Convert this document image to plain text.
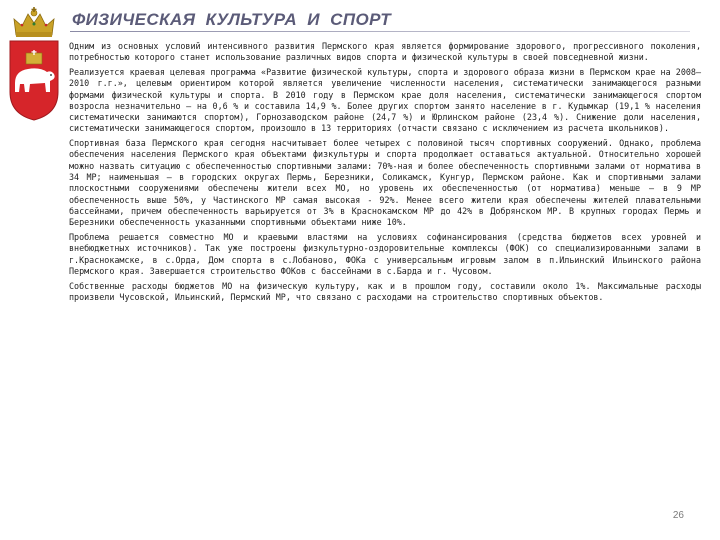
ФИЗИЧЕСКАЯ  КУЛЬТУРА  И  СПОРТ

Одним из основных условий интенсивного развития Пермского края является формирование здорового, прогрессивного поколения, потребностью которого станет использование различных видов спорта и физической культуры в своей повседневной жизни.

Реализуется краевая целевая программа «Развитие физической культуры, спорта и здорового образа жизни в Пермском крае на 2008–2010 г.г.», целевым ориентиром которой является увеличение численности населения, систематически занимающегося разными формами физической культуры и спорта. В 2010 году в Пермском крае доля населения, систематически занимающегося спортом возросла незначительно – на 0,6 % и составила 14,9 %. Более других спортом занято население в г. Кудымкар (19,1 % населения систематически занимаются спортом), Горнозаводском районе (24,7 %) и Юрлинском районе (23,4 %). Снижение доли населения, систематически занимающегося спортом, произошло в 13 территориях (отчасти связано с исключением из расчета школьников).

Спортивная база Пермского края сегодня насчитывает более четырех с половиной тысяч спортивных сооружений. Однако, проблема обеспечения населения Пермского края объектами физкультуры и спорта продолжает оставаться актуальной. Относительно хорошей можно назвать ситуацию с обеспеченностью спортивными залами: 70%-ная и более обеспеченность спортивными залами от норматива в 34 МР; наименьшая – в городских округах Пермь, Березники, Соликамск, Кунгур, Пермском районе. Как и спортивными залами плоскостными сооружениями обеспечены жители всех МО, но уровень их обеспеченностью (от норматива) меньше – в 9 МР обеспеченность выше 50%, у Частинского МР самая высокая - 92%. Менее всего жители края обеспечены жителей плавательными бассейнами, причем обеспеченность варьируется от 3% в Краснокамском МР до 42% в Добрянском МР. В крупных городах Пермь и Березники обеспеченность указанными спортивными объектами ниже 10%.

Проблема решается совместно МО и краевыми властями на условиях софинансирования (средства бюджетов всех уровней и внебюджетных источников). Так уже построены физкультурно-оздоровительные комплексы (ФОК) со специализированными залами в г.Краснокамске, в с.Орда, Дом спорта в с.Лобаново, ФОКа с универсальным игровым залом в п.Ильинский Ильинского района Пермского края. Завершается строительство ФОКов с бассейнами в с.Барда и г. Чусовом.

Собственные расходы бюджетов МО на физическую культуру, как и в прошлом году, составили около 1%. Максимальные расходы произвели Чусовской, Ильинский, Пермский МР, что связано с расходами на строительство спортивных объектов.

26
